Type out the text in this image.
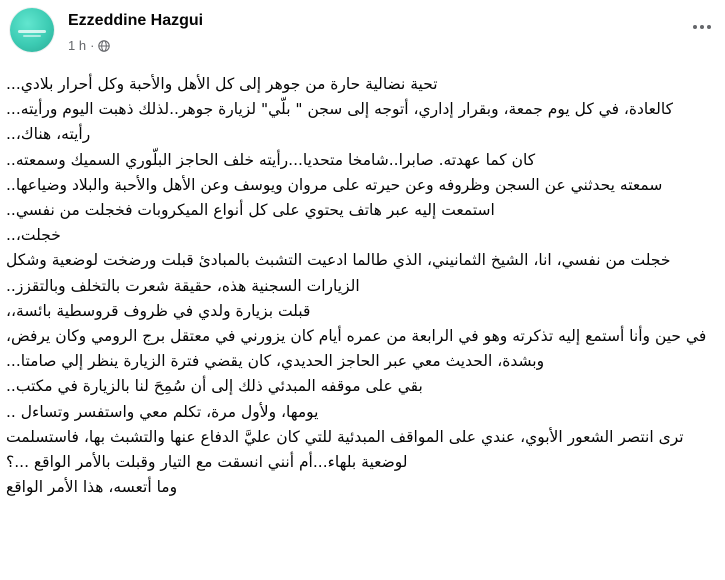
Ezzeddine Hazgui
1 h ·

تحية نضالية حارة من جوهر إلى كل الأهل والأحبة وكل أحرار بلادي...

كالعادة، في كل يوم جمعة، وبقرار إداري، أتوجه إلى سجن " بلّي" لزيارة جوهر..لذلك ذهبت اليوم ورأيته...

رأيته، هناك،..

كان كما عهدته. صابرا..شامخا متحديا...رأيته خلف الحاجز البلّوري السميك وسمعته..

سمعته يحدثني عن السجن وظروفه وعن حيرته على مروان ويوسف وعن الأهل والأحبة والبلاد وضياعها..

استمعت إليه عبر هاتف يحتوي على كل أنواع الميكروبات فخجلت من نفسي..

خجلت،..

خجلت من نفسي، انا، الشيخ الثمانيني، الذي طالما ادعيت التشبث بالمبادئ قبلت ورضخت لوضعية وشكل الزيارات السجنية هذه، حقيقة شعرت بالتخلف وبالتقزز..

قبلت بزيارة ولدي في ظروف قروسطية بائسة،،

في حين وأنا أستمع إليه تذكرته وهو في الرابعة من عمره أيام كان يزورني في معتقل برج الرومي وكان يرفض، وبشدة، الحديث معي عبر الحاجز الحديدي، كان يقضي فترة الزيارة ينظر إلي صامتا...

بقي على موقفه المبدئي ذلك إلى أن سُمِحَ لنا بالزيارة في مكتب..

يومها، ولأول مرة، تكلم معي واستفسر وتساءل ..

ترى انتصر الشعور الأبوي، عندي على المواقف المبدئية للتي كان عليَّ الدفاع عنها والتشبث بها، فاستسلمت لوضعية بلهاء...أم أنني انسقت مع التيار وقبلت بالأمر الواقع ...؟

وما أتعسه، هذا الأمر الواقع
